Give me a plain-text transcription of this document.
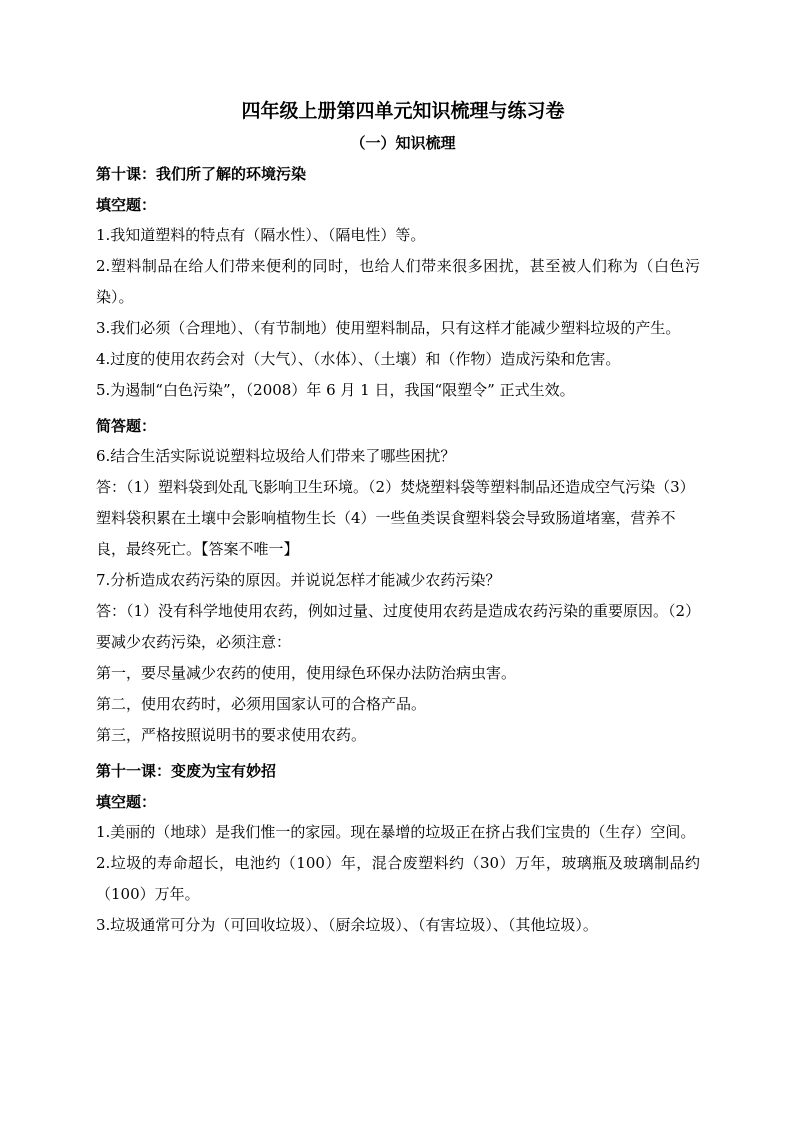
四年级上册第四单元知识梳理与练习卷
（一）知识梳理
第十课：我们所了解的环境污染
填空题：

1.我知道塑料的特点有（隔水性）、（隔电性）等。

2.塑料制品在给人们带来便利的同时，也给人们带来很多困扰，甚至被人们称为（白色污染）。

3.我们必须（合理地）、（有节制地）使用塑料制品，只有这样才能减少塑料垃圾的产生。

4.过度的使用农药会对（大气）、（水体）、（土壤）和（作物）造成污染和危害。

5.为遏制“白色污染”，（2008）年 6 月 1 日，我国“限塑令” 正式生效。

简答题：

6.结合生活实际说说塑料垃圾给人们带来了哪些困扰？

答：（1）塑料袋到处乱飞影响卫生环境。（2）焚烧塑料袋等塑料制品还造成空气污染（3）塑料袋积累在土壤中会影响植物生长（4）一些鱼类误食塑料袋会导致肠道堵塞，营养不良，最终死亡。【答案不唯一】

7.分析造成农药污染的原因。并说说怎样才能减少农药污染？

答：（1）没有科学地使用农药，例如过量、过度使用农药是造成农药污染的重要原因。（2）要减少农药污染，必须注意：

第一，要尽量减少农药的使用，使用绿色环保办法防治病虫害。

第二，使用农药时，必须用国家认可的合格产品。

第三，严格按照说明书的要求使用农药。

第十一课：变废为宝有妙招
填空题：

1.美丽的（地球）是我们惟一的家园。现在暴增的垃圾正在挤占我们宝贵的（生存）空间。

2.垃圾的寿命超长，电池约（100）年，混合废塑料约（30）万年，玻璃瓶及玻璃制品约（100）万年。

3.垃圾通常可分为（可回收垃圾）、（厨余垃圾）、（有害垃圾）、（其他垃圾）。
